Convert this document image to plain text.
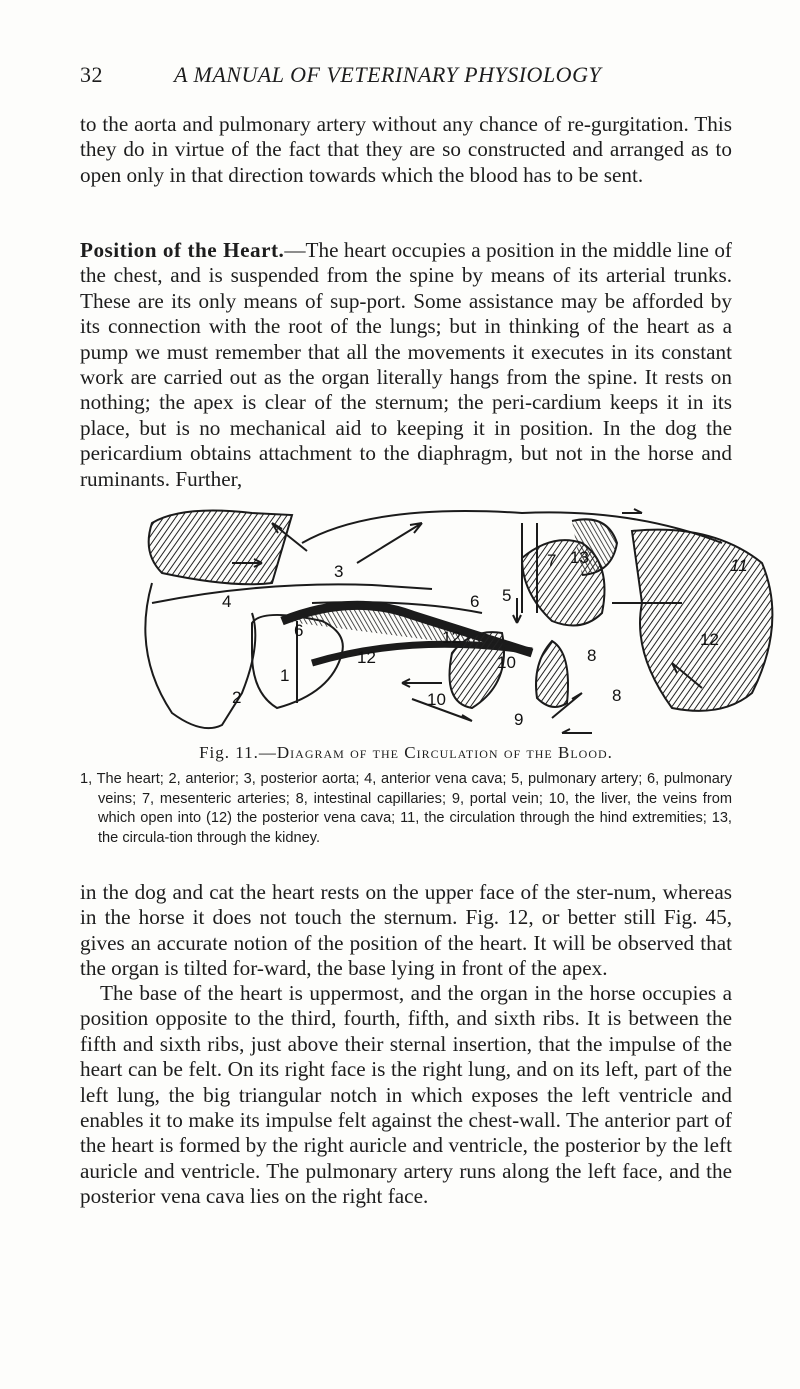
32	A MANUAL OF VETERINARY PHYSIOLOGY

to the aorta and pulmonary artery without any chance of re-gurgitation. This they do in virtue of the fact that they are so constructed and arranged as to open only in that direction towards which the blood has to be sent.

Position of the Heart.—The heart occupies a position in the middle line of the chest, and is suspended from the spine by means of its arterial trunks. These are its only means of sup-port. Some assistance may be afforded by its connection with the root of the lungs; but in thinking of the heart as a pump we must remember that all the movements it executes in its constant work are carried out as the organ literally hangs from the spine. It rests on nothing; the apex is clear of the sternum; the peri-cardium keeps it in its place, but is no mechanical aid to keeping it in position. In the dog the pericardium obtains attachment to the diaphragm, but not in the horse and ruminants. Further,

4
3
6
6
1
12
12
12
10
10
9
7 13
8
8
11
5
2
Fig. 11.—Diagram of the Circulation of the Blood.
1, The heart; 2, anterior; 3, posterior aorta; 4, anterior vena cava; 5, pulmonary artery; 6, pulmonary veins; 7, mesenteric arteries; 8, intestinal capillaries; 9, portal vein; 10, the liver, the veins from which open into (12) the posterior vena cava; 11, the circulation through the hind extremities; 13, the circula-tion through the kidney.

in the dog and cat the heart rests on the upper face of the ster-num, whereas in the horse it does not touch the sternum. Fig. 12, or better still Fig. 45, gives an accurate notion of the position of the heart. It will be observed that the organ is tilted for-ward, the base lying in front of the apex.

The base of the heart is uppermost, and the organ in the horse occupies a position opposite to the third, fourth, fifth, and sixth ribs. It is between the fifth and sixth ribs, just above their sternal insertion, that the impulse of the heart can be felt. On its right face is the right lung, and on its left, part of the left lung, the big triangular notch in which exposes the left ventricle and enables it to make its impulse felt against the chest-wall. The anterior part of the heart is formed by the right auricle and ventricle, the posterior by the left auricle and ventricle. The pulmonary artery runs along the left face, and the posterior vena cava lies on the right face.
